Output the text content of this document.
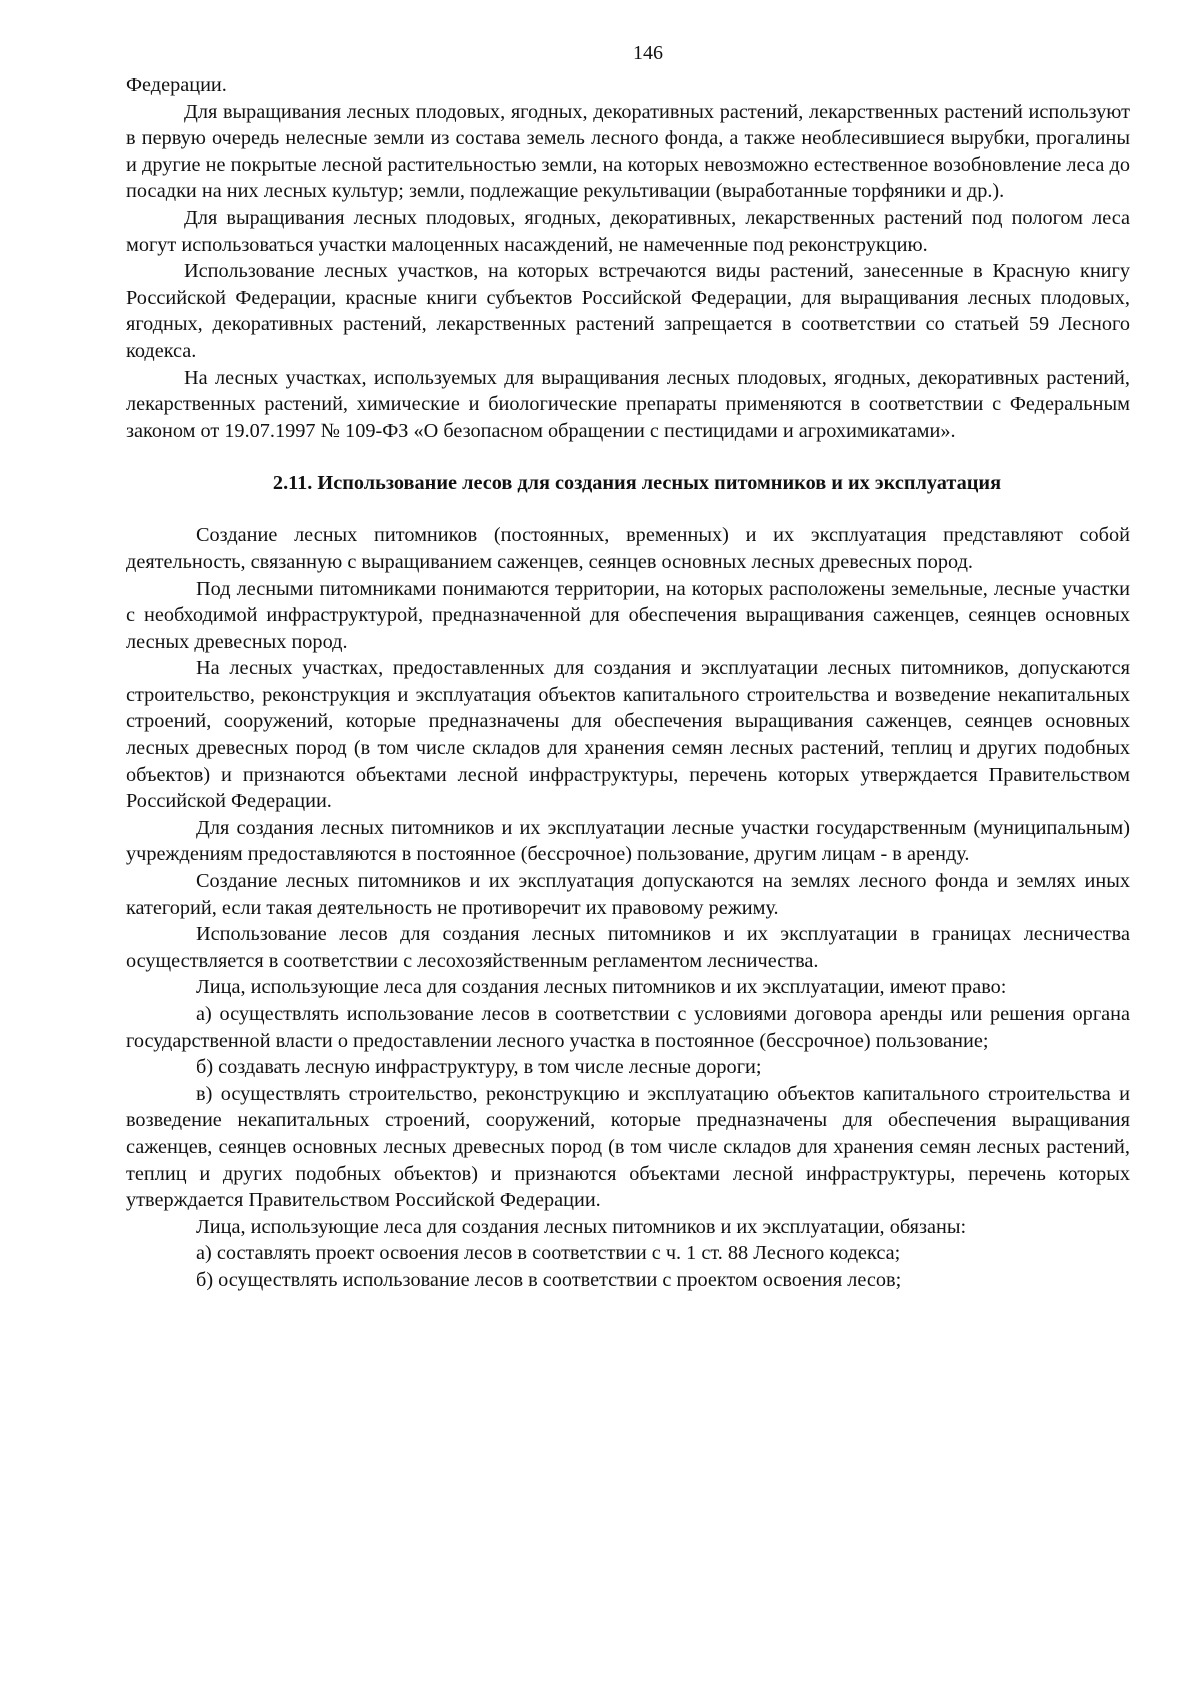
146

Федерации.

Для выращивания лесных плодовых, ягодных, декоративных растений, лекарственных растений используют в первую очередь нелесные земли из состава земель лесного фонда, а также необлесившиеся вырубки, прогалины и другие не покрытые лесной растительностью земли, на которых невозможно естественное возобновление леса до посадки на них лесных культур; земли, подлежащие рекультивации (выработанные торфяники и др.).

Для выращивания лесных плодовых, ягодных, декоративных, лекарственных растений под пологом леса могут использоваться участки малоценных насаждений, не намеченные под реконструкцию.

Использование лесных участков, на которых встречаются виды растений, занесенные в Красную книгу Российской Федерации, красные книги субъектов Российской Федерации, для выращивания лесных плодовых, ягодных, декоративных растений, лекарственных растений запрещается в соответствии со статьей 59 Лесного кодекса.

На лесных участках, используемых для выращивания лесных плодовых, ягодных, декоративных растений, лекарственных растений, химические и биологические препараты применяются в соответствии с Федеральным законом от 19.07.1997 № 109-ФЗ «О безопасном обращении с пестицидами и агрохимикатами».

2.11. Использование лесов для создания лесных питомников и их эксплуатация

Создание лесных питомников (постоянных, временных) и их эксплуатация представляют собой деятельность, связанную с выращиванием саженцев, сеянцев основных лесных древесных пород.

Под лесными питомниками понимаются территории, на которых расположены земельные, лесные участки с необходимой инфраструктурой, предназначенной для обеспечения выращивания саженцев, сеянцев основных лесных древесных пород.

На лесных участках, предоставленных для создания и эксплуатации лесных питомников, допускаются строительство, реконструкция и эксплуатация объектов капитального строительства и возведение некапитальных строений, сооружений, которые предназначены для обеспечения выращивания саженцев, сеянцев основных лесных древесных пород (в том числе складов для хранения семян лесных растений, теплиц и других подобных объектов) и признаются объектами лесной инфраструктуры, перечень которых утверждается Правительством Российской Федерации.

Для создания лесных питомников и их эксплуатации лесные участки государственным (муниципальным) учреждениям предоставляются в постоянное (бессрочное) пользование, другим лицам - в аренду.

Создание лесных питомников и их эксплуатация допускаются на землях лесного фонда и землях иных категорий, если такая деятельность не противоречит их правовому режиму.

Использование лесов для создания лесных питомников и их эксплуатации в границах лесничества осуществляется в соответствии с лесохозяйственным регламентом лесничества.

Лица, использующие леса для создания лесных питомников и их эксплуатации, имеют право:

а) осуществлять использование лесов в соответствии с условиями договора аренды или решения органа государственной власти о предоставлении лесного участка в постоянное (бессрочное) пользование;

б) создавать лесную инфраструктуру, в том числе лесные дороги;

в) осуществлять строительство, реконструкцию и эксплуатацию объектов капитального строительства и возведение некапитальных строений, сооружений, которые предназначены для обеспечения выращивания саженцев, сеянцев основных лесных древесных пород (в том числе складов для хранения семян лесных растений, теплиц и других подобных объектов) и признаются объектами лесной инфраструктуры, перечень которых утверждается Правительством Российской Федерации.

Лица, использующие леса для создания лесных питомников и их эксплуатации, обязаны:

а) составлять проект освоения лесов в соответствии с ч. 1 ст. 88 Лесного кодекса;

б) осуществлять использование лесов в соответствии с проектом освоения лесов;
